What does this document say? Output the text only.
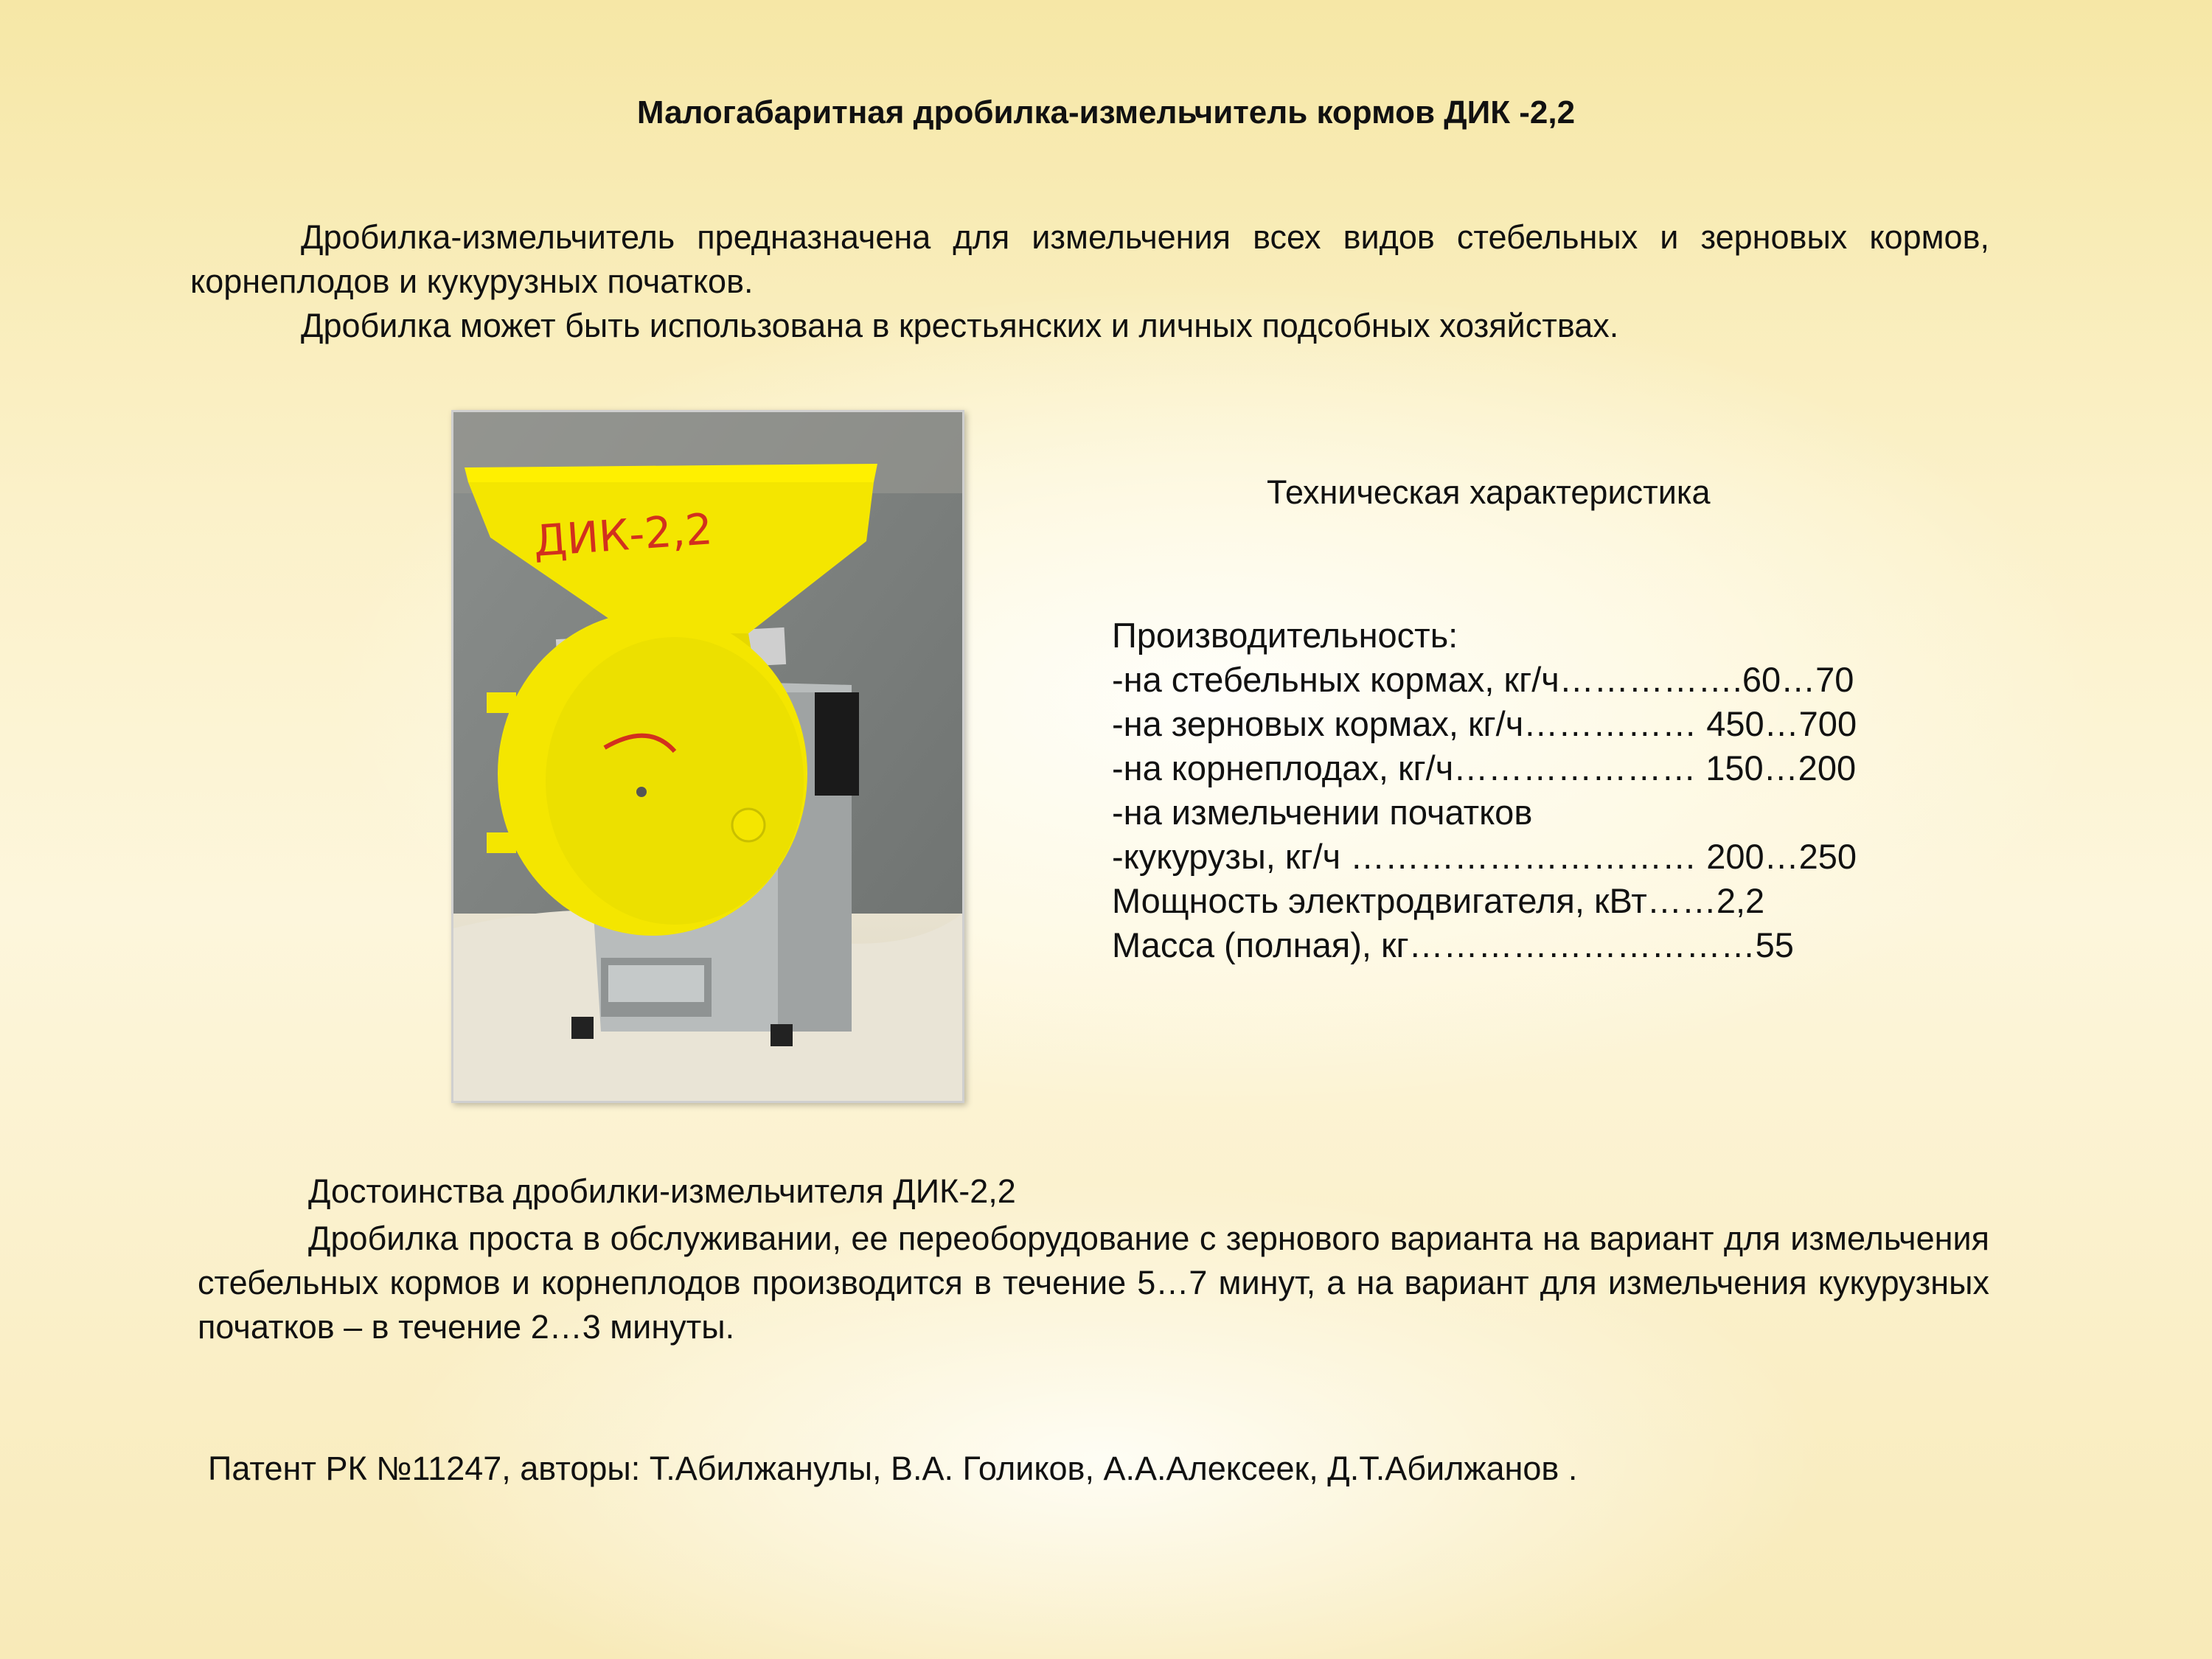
Малогабаритная дробилка-измельчитель кормов ДИК -2,2
Дробилка-измельчитель предназначена для измельчения всех видов стебельных и зерновых кормов, корнеплодов и кукурузных початков.
Дробилка может быть использована в крестьянских и личных подсобных хозяйствах.
ДИК-2,2
Техническая характеристика
Производительность:
-на стебельных кормах, кг/ч…………….60…70
-на зерновых кормах, кг/ч…………… 450…700
-на корнеплодах, кг/ч………………… 150…200
-на измельчении початков
-кукурузы, кг/ч ………………………… 200…250
Мощность электродвигателя, кВт……2,2
Масса (полная), кг…………………………55
Достоинства дробилки-измельчителя ДИК-2,2
Дробилка проста в обслуживании, ее переоборудование с зернового варианта на вариант для измельчения стебельных кормов и корнеплодов производится в течение 5…7 минут, а на вариант для измельчения кукурузных початков – в течение 2…3 минуты.
Патент РК №11247, авторы: Т.Абилжанулы, В.А. Голиков, А.А.Алексеек, Д.Т.Абилжанов .
